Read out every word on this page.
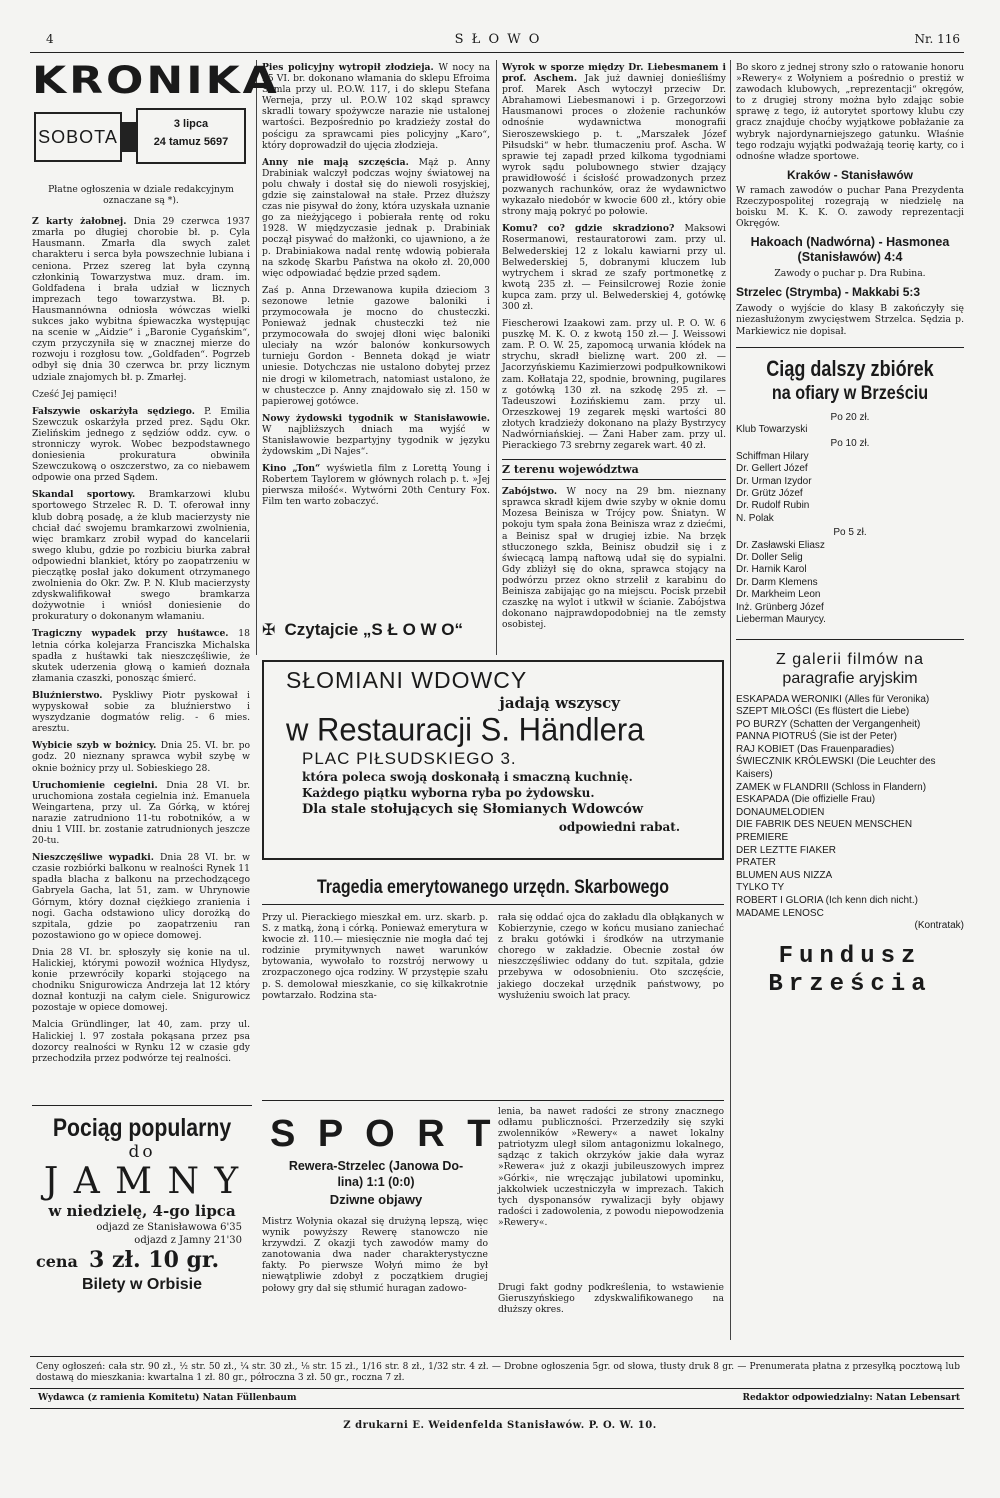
4	S Ł O W O	Nr. 116
KRONIKA
SOBOTA
3 lipca
24 tamuz 5697

Płatne ogłoszenia w dziale redakcyjnym oznaczane są *).

Z karty żałobnej. Dnia 29 czerwca 1937 zmarła po długiej chorobie bł. p. Cyla Hausmann. Zmarła dla swych zalet charakteru i serca była powszechnie lubiana i ceniona. Przez szereg lat była czynną członkinią Towarzystwa muz. dram. im. Goldfadena i brała udział w licznych imprezach tego towarzystwa. Bł. p. Hausmannówna odniosła wówczas wielki sukces jako wybitna śpiewaczka występując na scenie w „Aidzie“ i „Baronie Cygańskim“, czym przyczyniła się w znacznej mierze do rozwoju i rozgłosu tow. „Goldfaden“. Pogrzeb odbył się dnia 30 czerwca br. przy licznym udziale znajomych bł. p. Zmarłej.

Cześć Jej pamięci!

Fałszywie oskarżyła sędziego. P. Emilia Szewczuk oskarżyła przed prez. Sądu Okr. Zielińskim jednego z sędziów oddz. cyw. o stronniczy wyrok. Wobec bezpodstawnego doniesienia prokuratura obwiniła Szewczukową o oszczerstwo, za co niebawem odpowie ona przed Sądem.

Skandal sportowy. Bramkarzowi klubu sportowego Strzelec R. D. T. oferował inny klub dobrą posadę, a że klub macierzysty nie chciał dać swojemu bramkarzowi zwolnienia, więc bramkarz zrobił wypad do kancelarii swego klubu, gdzie po rozbiciu biurka zabrał odpowiedni blankiet, który po zaopatrzeniu w pieczątkę posłał jako dokument otrzymanego zwolnienia do Okr. Zw. P. N. Klub macierzysty zdyskwalifikował swego bramkarza dożywotnie i wniósł doniesienie do prokuratury o dokonanym włamaniu.

Tragiczny wypadek przy huśtawce. 18 letnia córka kolejarza Franciszka Michalska spadła z huśtawki tak nieszczęśliwie, że skutek uderzenia głową o kamień doznała złamania czaszki, ponosząc śmierć.

Bluźnierstwo. Pyskliwy Piotr pyskował i wypyskował sobie za bluźnierstwo i wyszydzanie dogmatów relig. - 6 mies. aresztu.

Wybicie szyb w bożnicy. Dnia 25. VI. br. po godz. 20 nieznany sprawca wybił szybę w oknie bożnicy przy ul. Sobieskiego 28.

Uruchomienie cegielni. Dnia 28 VI. br. uruchomiona została cegielnia inż. Emanuela Weingartena, przy ul. Za Górką, w której narazie zatrudniono 11-tu robotników, a w dniu 1 VIII. br. zostanie zatrudnionych jeszcze 20-tu.

Nieszczęśliwe wypadki. Dnia 28 VI. br. w czasie rozbiórki balkonu w realności Rynek 11 spadła blacha z balkonu na przechodzącego Gabryela Gacha, lat 51, zam. w Uhrynowie Górnym, który doznał ciężkiego zranienia i nogi. Gacha odstawiono ulicy dorożką do szpitala, gdzie po zaopatrzeniu ran pozostawiono go w opiece domowej.

Dnia 28 VI. br. spłoszyły się konie na ul. Halickiej, którymi powoził woźnica Hlydysz, konie przewróciły koparki stojącego na chodniku Snigurowicza Andrzeja lat 12 który doznał kontuzji na całym ciele. Snigurowicz pozostaje w opiece domowej.

Malcia Gründlinger, lat 40, zam. przy ul. Halickiej l. 97 została pokąsana przez psa dozorcy realności w Rynku 12 w czasie gdy przechodziła przez podwórze tej realności.

Pociąg popularny
do
J A M N Y
w niedzielę, 4-go lipca
odjazd ze Stanisławowa 6'35
odjazd z Jamny 21'30
cena 3 zł. 10 gr.
Bilety w Orbisie

Pies policyjny wytropił złodzieja. W nocy na 25 VI. br. dokonano włamania do sklepu Efroima Semla przy ul. P.O.W. 117, i do sklepu Stefana Werneja, przy ul. P.O.W 102 skąd sprawcy skradli towary spożywcze narazie nie ustalonej wartości. Bezpośrednio po kradzieży został do pościgu za sprawcami pies policyjny „Karo“, który doprowadził do ujęcia złodzieja.

Anny nie mają szczęścia. Mąż p. Anny Drabiniak walczył podczas wojny światowej na polu chwały i dostał się do niewoli rosyjskiej, gdzie się zainstalował na stałe. Przez dłuższy czas nie pisywał do żony, która uzyskała uznanie go za nieżyjącego i pobierała rentę od roku 1928. W międzyczasie jednak p. Drabiniak począł pisywać do małżonki, co ujawniono, a że p. Drabiniakowa nadal rentę wdowią pobierała na szkodę Skarbu Państwa na około zł. 20,000 więc odpowiadać będzie przed sądem.

Zaś p. Anna Drzewanowa kupiła dzieciom 3 sezonowe letnie gazowe baloniki i przymocowała je mocno do chusteczki. Ponieważ jednak chusteczki też nie przymocowała do swojej dłoni więc baloniki uleciały na wzór balonów konkursowych turnieju Gordon - Benneta dokąd je wiatr uniesie. Dotychczas nie ustalono dobytej przez nie drogi w kilometrach, natomiast ustalono, że w chusteczce p. Anny znajdowało się zł. 150 w papierowej gotówce.

Nowy żydowski tygodnik w Stanisławowie. W najbliższych dniach ma wyjść w Stanisławowie bezpartyjny tygodnik w języku żydowskim „Di Najes“.

Kino „Ton“ wyświetla film z Lorettą Young i Robertem Taylorem w głównych rolach p. t. »Jej pierwsza miłość«. Wytwórni 20th Century Fox. Film ten warto zobaczyć.

Wyrok w sporze między Dr. Liebesmanem i prof. Aschem. Jak już dawniej donieśliśmy prof. Marek Asch wytoczył przeciw Dr. Abrahamowi Liebesmanowi i p. Grzegorzowi Hausmanowi proces o złożenie rachunków odnośnie wydawnictwa monografii Sieroszewskiego p. t. „Marszałek Józef Piłsudski“ w hebr. tłumaczeniu prof. Ascha. W sprawie tej zapadł przed kilkoma tygodniami wyrok sądu polubownego stwier dzający prawidłowość i ścisłość prowadzonych przez pozwanych rachunków, oraz że wydawnictwo wykazało niedobór w kwocie 600 zł., który obie strony mają pokryć po połowie.

Komu? co? gdzie skradziono? Maksowi Rosermanowi, restauratorowi zam. przy ul. Belwederskiej 12 z lokalu kawiarni przy ul. Belwederskiej 5, dobranymi kluczem lub wytrychem i skrad ze szafy portmonetkę z kwotą 235 zł. — Feinsilcrowej Rozie żonie kupca zam. przy ul. Belwederskiej 4, gotówkę 300 zł.

Fiescherowi Izaakowi zam. przy ul. P. O. W. 6 puszkę M. K. O. z kwotą 150 zł.— J. Weissowi zam. P. O. W. 25, zapomocą urwania kłódek na strychu, skradł bieliznę wart. 200 zł. — Jacorzyńskiemu Kazimierzowi podpułkownikowi zam. Kołłataja 22, spodnie, browning, pugilares z gotówką 130 zł. na szkodę 295 zł. — Tadeuszowi Łozińskiemu zam. przy ul. Orzeszkowej 19 zegarek męski wartości 80 złotych kradzieży dokonano na plaży Bystrzycy Nadwórniańskiej. — Żani Haber zam. przy ul. Pierackiego 73 srebrny zegarek wart. 40 zł.

Z terenu województwa

Zabójstwo. W nocy na 29 bm. nieznany sprawca skradł kijem dwie szyby w oknie domu Mozesa Beinisza w Trójcy pow. Śniatyn. W pokoju tym spała żona Beinisza wraz z dziećmi, a Beinisz spał w drugiej izbie. Na brzęk stłuczonego szkła, Beinisz obudził się i z świecącą lampą naftową udał się do sypialni. Gdy zbliżył się do okna, sprawca stojący na podwórzu przez okno strzelił z karabinu do Beinisza zabijając go na miejscu. Pocisk przebił czaszkę na wylot i utkwił w ścianie. Zabójstwa dokonano najprawdopodobniej na tle zemsty osobistej.

✠ Czytajcie „S Ł O W O“

Bo skoro z jednej strony szło o ratowanie honoru »Rewery« z Wołyniem a pośrednio o prestiż w zawodach klubowych, „reprezentacji“ okręgów, to z drugiej strony można było zdając sobie sprawę z tego, iż autorytet sportowy klubu czy gracz znajduje choćby wyjątkowe pobłażanie za wybryk najordynarniejszego gatunku. Właśnie tego rodzaju wyjątki podważają teorię karty, co i odnośne władze sportowe.

Kraków - Stanisławów

W ramach zawodów o puchar Pana Prezydenta Rzeczypospolitej rozegrają w niedzielę na boisku M. K. K. O. zawody reprezentacji Okręgów.

Hakoach (Nadwórna) - Hasmonea (Stanisławów) 4:4

Zawody o puchar p. Dra Rubina.

Strzelec (Strymba) - Makkabi 5:3

Zawody o wyjście do klasy B zakończyły się niezasłużonym zwycięstwem Strzelca. Sędzia p. Markiewicz nie dopisał.

Ciąg dalszy zbiórek
na ofiary w Brześciu
Po 20 zł.
Klub Towarzyski
Po 10 zł.
Schiffman Hilary
Dr. Gellert Józef
Dr. Urman Izydor
Dr. Grütz Józef
Dr. Rudolf Rubin
N. Polak
Po 5 zł.
Dr. Zasławski Eliasz
Dr. Doller Selig
Dr. Harnik Karol
Dr. Darm Klemens
Dr. Markheim Leon
Inż. Grünberg Józef
Lieberman Maurycy.
Z galerii filmów na
paragrafie aryjskim
ESKAPADA WERONIKI (Alles für Veronika)
SZEPT MIŁOŚCI (Es flüstert die Liebe)
PO BURZY (Schatten der Vergangenheit)
PANNA PIOTRUŚ (Sie ist der Peter)
RAJ KOBIET (Das Frauenparadies)
ŚWIECZNIK KRÓLEWSKI (Die Leuchter des Kaisers)
ZAMEK w FLANDRII (Schloss in Flandern)
ESKAPADA (Die offizielle Frau)
DONAUMELODIEN
DIE FABRIK DES NEUEN MENSCHEN
PREMIERE
DER LEZTTE FIAKER
PRATER
BLUMEN AUS NIZZA
TYLKO TY
ROBERT I GLORIA (Ich kenn dich nicht.)
MADAME LENOSC
(Kontratak)
Fundusz
Brześcia
SŁOMIANI WDOWCY
jadają wszyscy
w Restauracji S. Händlera
PLAC PIŁSUDSKIEGO 3.
która poleca swoją doskonałą i smaczną kuchnię.
Każdego piątku wyborna ryba po żydowsku.
Dla stale stołujących się Słomianych Wdowców
odpowiedni rabat.
Tragedia emerytowanego urzędn. Skarbowego

Przy ul. Pierackiego mieszkał em. urz. skarb. p. S. z matką, żoną i córką. Ponieważ emerytura w kwocie zł. 110.— miesięcznie nie mogła dać tej rodzinie prymitywnych nawet warunków bytowania, wywołało to rozstrój nerwowy u zrozpaczonego ojca rodziny. W przystępie szału p. S. demolował mieszkanie, co się kilkakrotnie powtarzało. Rodzina sta-

rała się oddać ojca do zakładu dla obłąkanych w Kobierzynie, czego w końcu musiano zaniechać z braku gotówki i środków na utrzymanie chorego w zakładzie. Obecnie został ów nieszczęśliwiec oddany do tut. szpitala, gdzie przebywa w odosobnieniu. Oto szczęście, jakiego doczekał urzędnik państwowy, po wysłużeniu swoich lat pracy.

S P O R T
Rewera-Strzelec (Janowa Do-
lina) 1:1 (0:0)
Dziwne objawy

Mistrz Wołynia okazał się drużyną lepszą, więc wynik powyższy Rewerę stanowczo nie krzywdzi. Z okazji tych zawodów mamy do zanotowania dwa nader charakterystyczne fakty. Po pierwsze Wołyń mimo że był niewątpliwie zdobył z początkiem drugiej połowy gry dał się stłumić huragan zadowo-

lenia, ba nawet radości ze strony znacznego odłamu publiczności. Przerzedziły się szyki zwolenników »Rewery« a nawet lokalny patriotyzm uległ silom antagonizmu lokalnego, sądząc z takich okrzyków jakie dała wyraz »Rewera« już z okazji jubileuszowych imprez »Górki«, nie wręczając jubilatowi upominku, jakkolwiek uczestniczyła w imprezach. Takich tych dysponansów rywalizacji były objawy radości i zadowolenia, z powodu niepowodzenia »Rewery«.

Drugi fakt godny podkreślenia, to wstawienie Gieruszyńskiego zdyskwalifikowanego na dłuższy okres.

Ceny ogłoszeń: cała str. 90 zł., ½ str. 50 zł., ¼ str. 30 zł., ⅛ str. 15 zł., 1/16 str. 8 zł., 1/32 str. 4 zł. — Drobne ogłoszenia 5gr. od słowa, tłusty druk 8 gr. — Prenumerata płatna z przesyłką pocztową lub dostawą do mieszkania: kwartalna 1 zł. 80 gr., półroczna 3 zł. 50 gr., roczna 7 zł.

Wydawca (z ramienia Komitetu) Natan Füllenbaum	Redaktor odpowiedzialny: Natan Lebensart
Z drukarni E. Weidenfelda Stanisławów. P. O. W. 10.
